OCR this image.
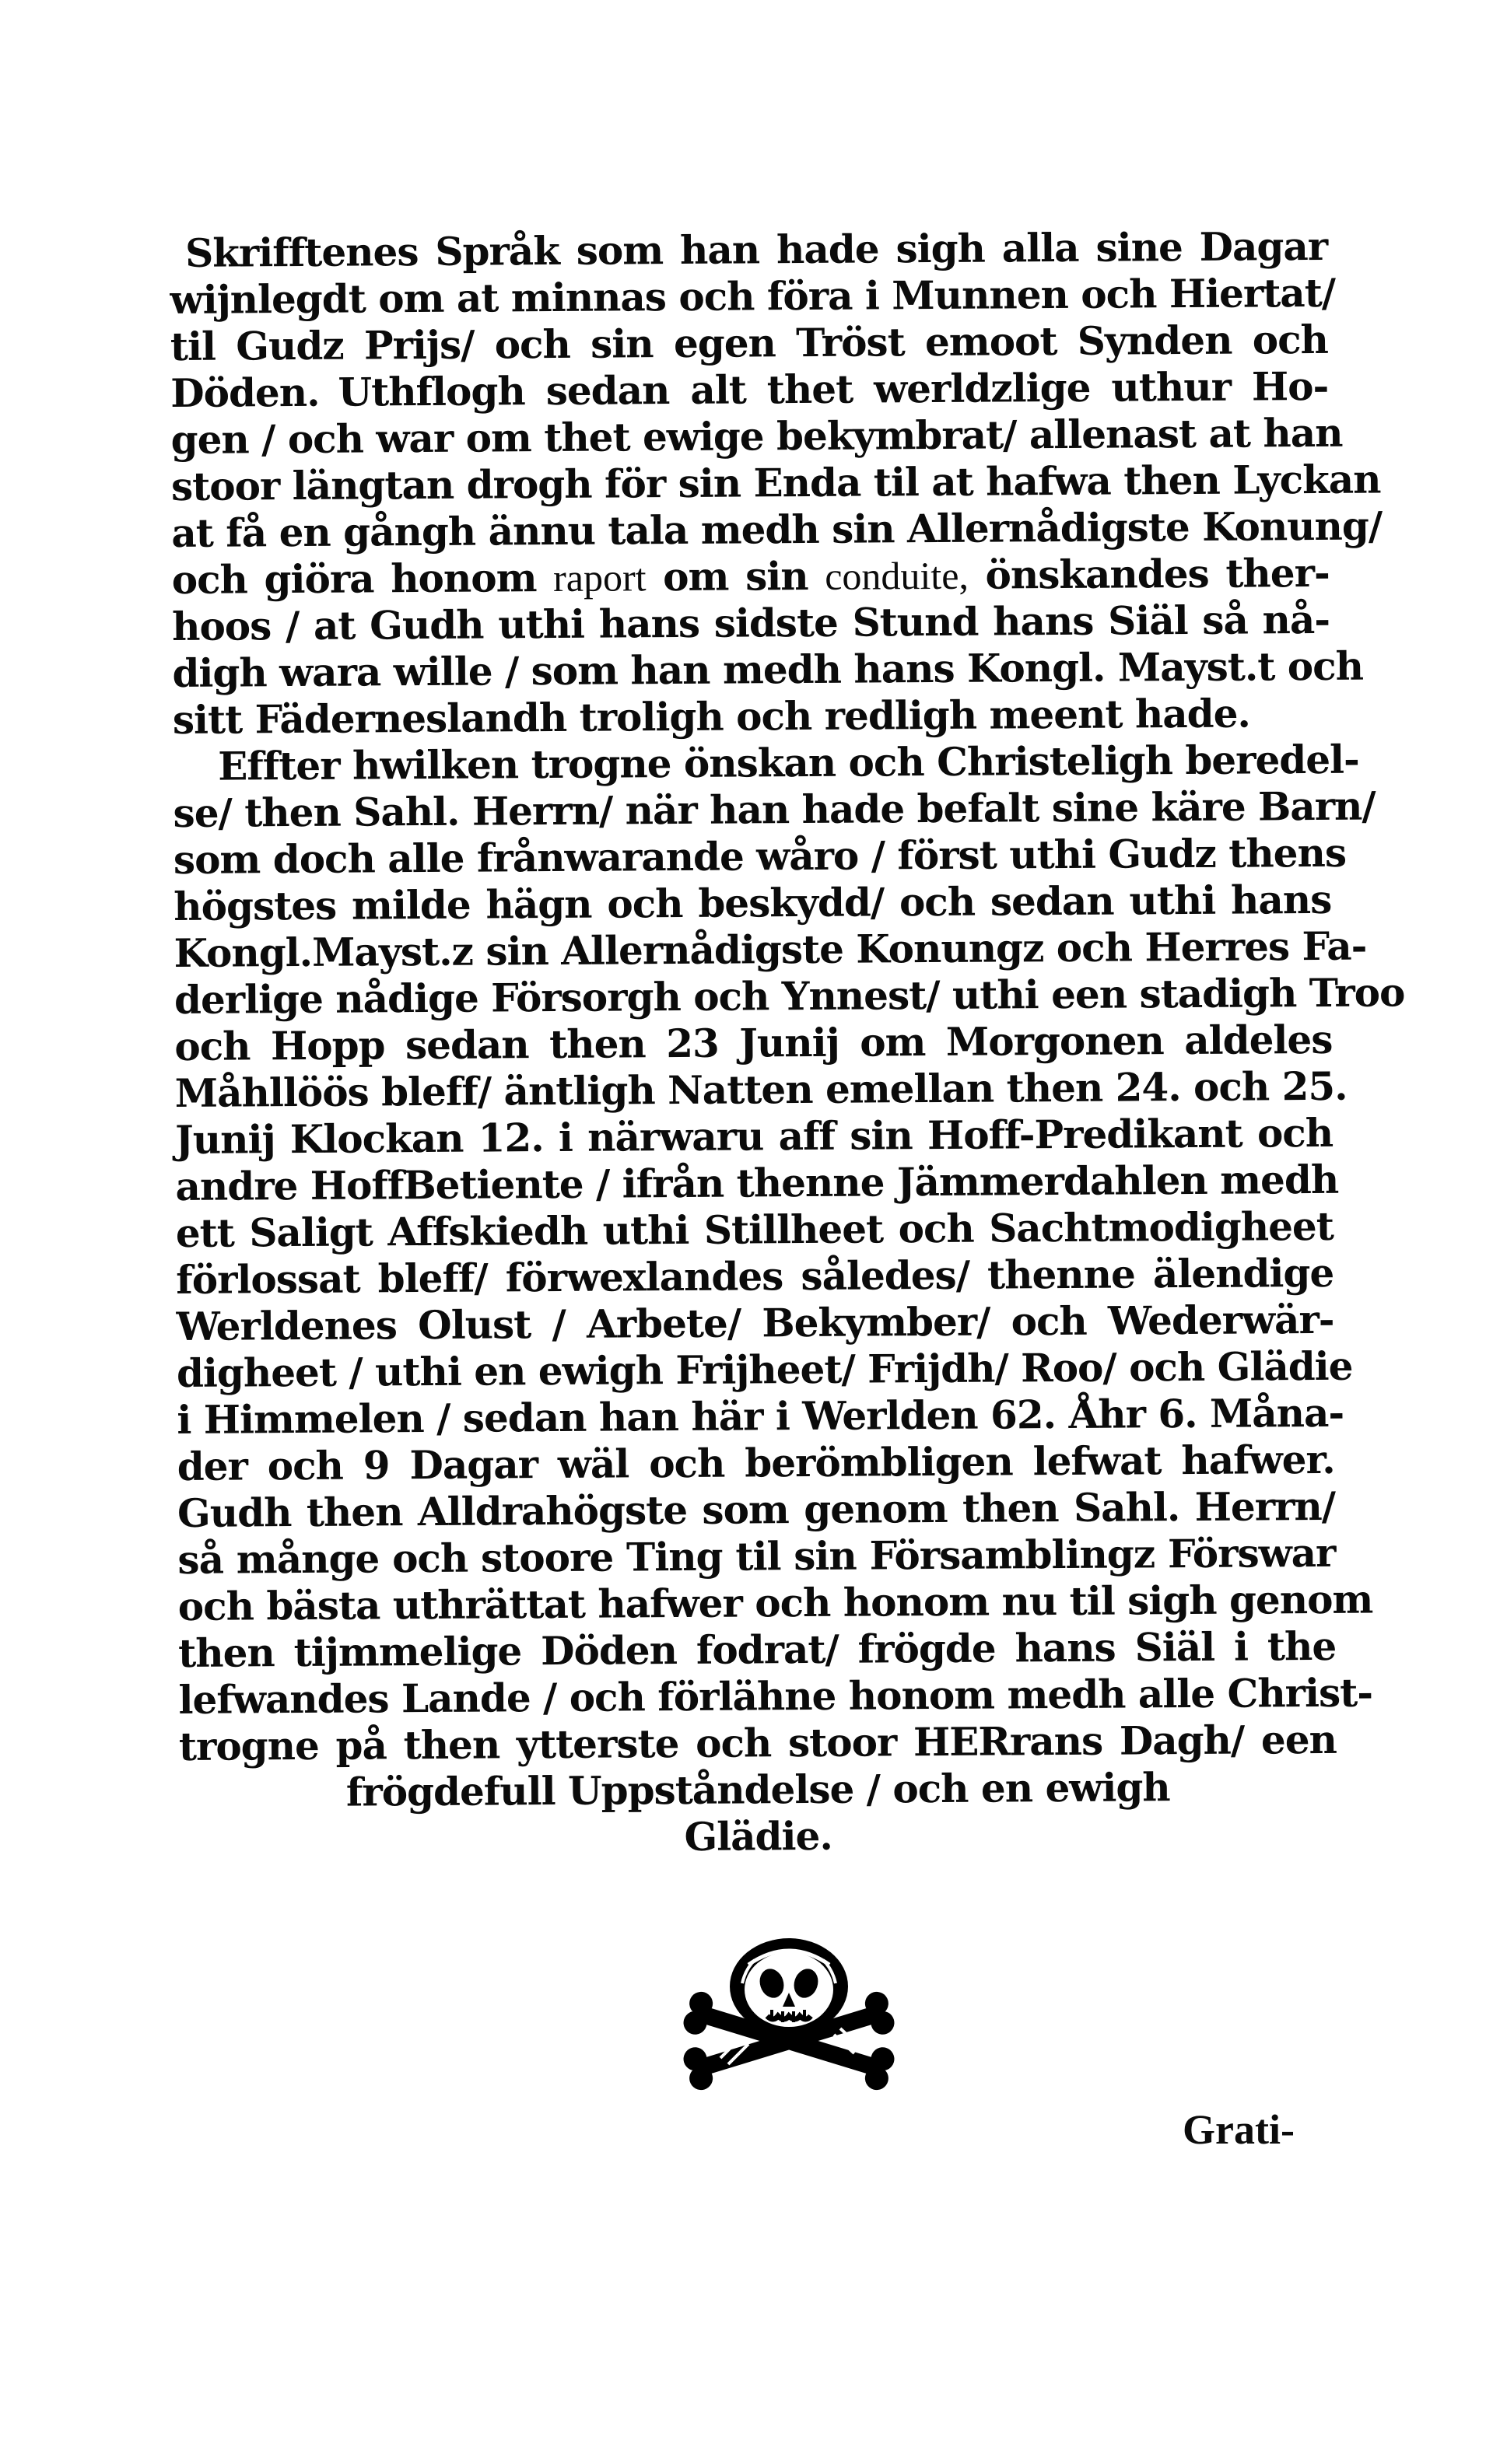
Skrifftenes Språk som han hade sigh alla sine Dagar
wijnlegdt om at minnas och föra i Munnen och Hiertat/
til Gudz Prijs/ och sin egen Tröst emoot Synden och
Döden. Uthflogh sedan alt thet werldzlige uthur Ho-
gen / och war om thet ewige bekymbrat/ allenast at han
stoor längtan drogh för sin Enda til at hafwa then Lyckan
at få en gångh ännu tala medh sin Allernådigste Konung/
och giöra honom raport om sin conduite, önskandes ther-
hoos / at Gudh uthi hans sidste Stund hans Siäl så nå-
digh wara wille / som han medh hans Kongl. Mayst.t och
sitt Fäderneslandh troligh och redligh meent hade.
Effter hwilken trogne önskan och Christeligh beredel-
se/ then Sahl. Herrn/ när han hade befalt sine käre Barn/
som doch alle frånwarande wåro / först uthi Gudz thens
högstes milde hägn och beskydd/ och sedan uthi hans
Kongl.Mayst.z sin Allernådigste Konungz och Herres Fa-
derlige nådige Försorgh och Ynnest/ uthi een stadigh Troo
och Hopp sedan then 23 Junij om Morgonen aldeles
Måhllöös bleff/ äntligh Natten emellan then 24. och 25.
Junij Klockan 12. i närwaru aff sin Hoff-Predikant och
andre HoffBetiente / ifrån thenne Jämmerdahlen medh
ett Saligt Affskiedh uthi Stillheet och Sachtmodigheet
förlossat bleff/ förwexlandes således/ thenne älendige
Werldenes Olust / Arbete/ Bekymber/ och Wederwär-
digheet / uthi en ewigh Frijheet/ Frijdh/ Roo/ och Glädie
i Himmelen / sedan han här i Werlden 62. Åhr 6. Måna-
der och 9 Dagar wäl och berömbligen lefwat hafwer.
Gudh then Alldrahögste som genom then Sahl. Herrn/
så månge och stoore Ting til sin Församblingz Förswar
och bästa uthrättat hafwer och honom nu til sigh genom
then tijmmelige Döden fodrat/ frögde hans Siäl i the
lefwandes Lande / och förlähne honom medh alle Christ-
trogne på then ytterste och stoor HERrans Dagh/ een
frögdefull Uppståndelse / och en ewigh
Glädie.
Grati-
